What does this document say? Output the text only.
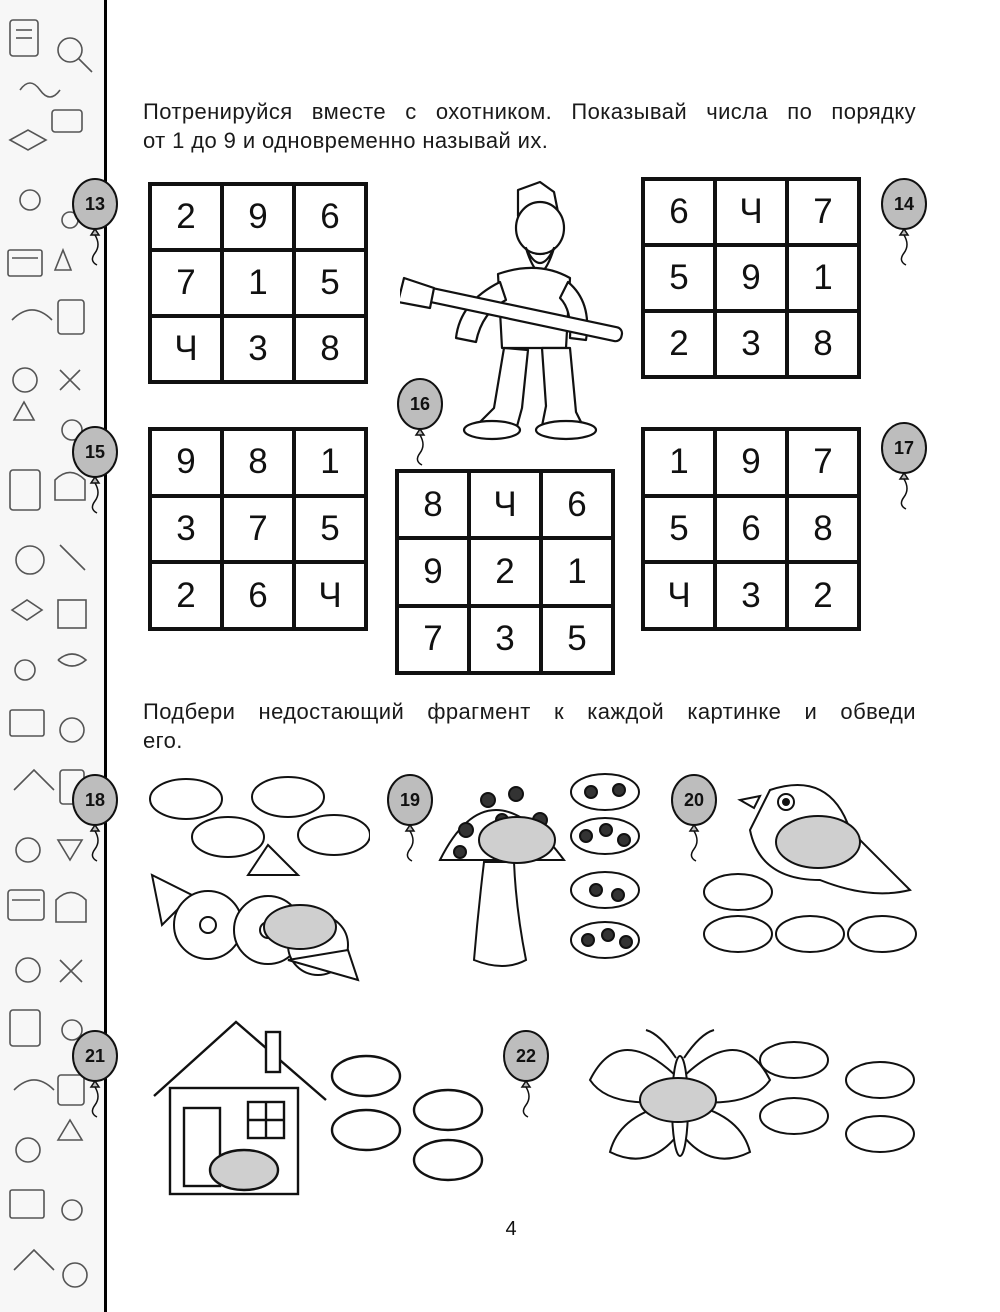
Потренируйся вместе с охотником. Показывай числа по порядку
от 1 до 9 и одновременно называй их.
2	9	6
7	1	5
Ч	3	8
6	Ч	7
5	9	1
2	3	8
9	8	1
3	7	5
2	6	Ч
8	Ч	6
9	2	1
7	3	5
1	9	7
5	6	8
Ч	3	2
Подбери недостающий фрагмент к каждой картинке и обведи
его.
13	14
15
16
17
18	19	20
21	22
4
